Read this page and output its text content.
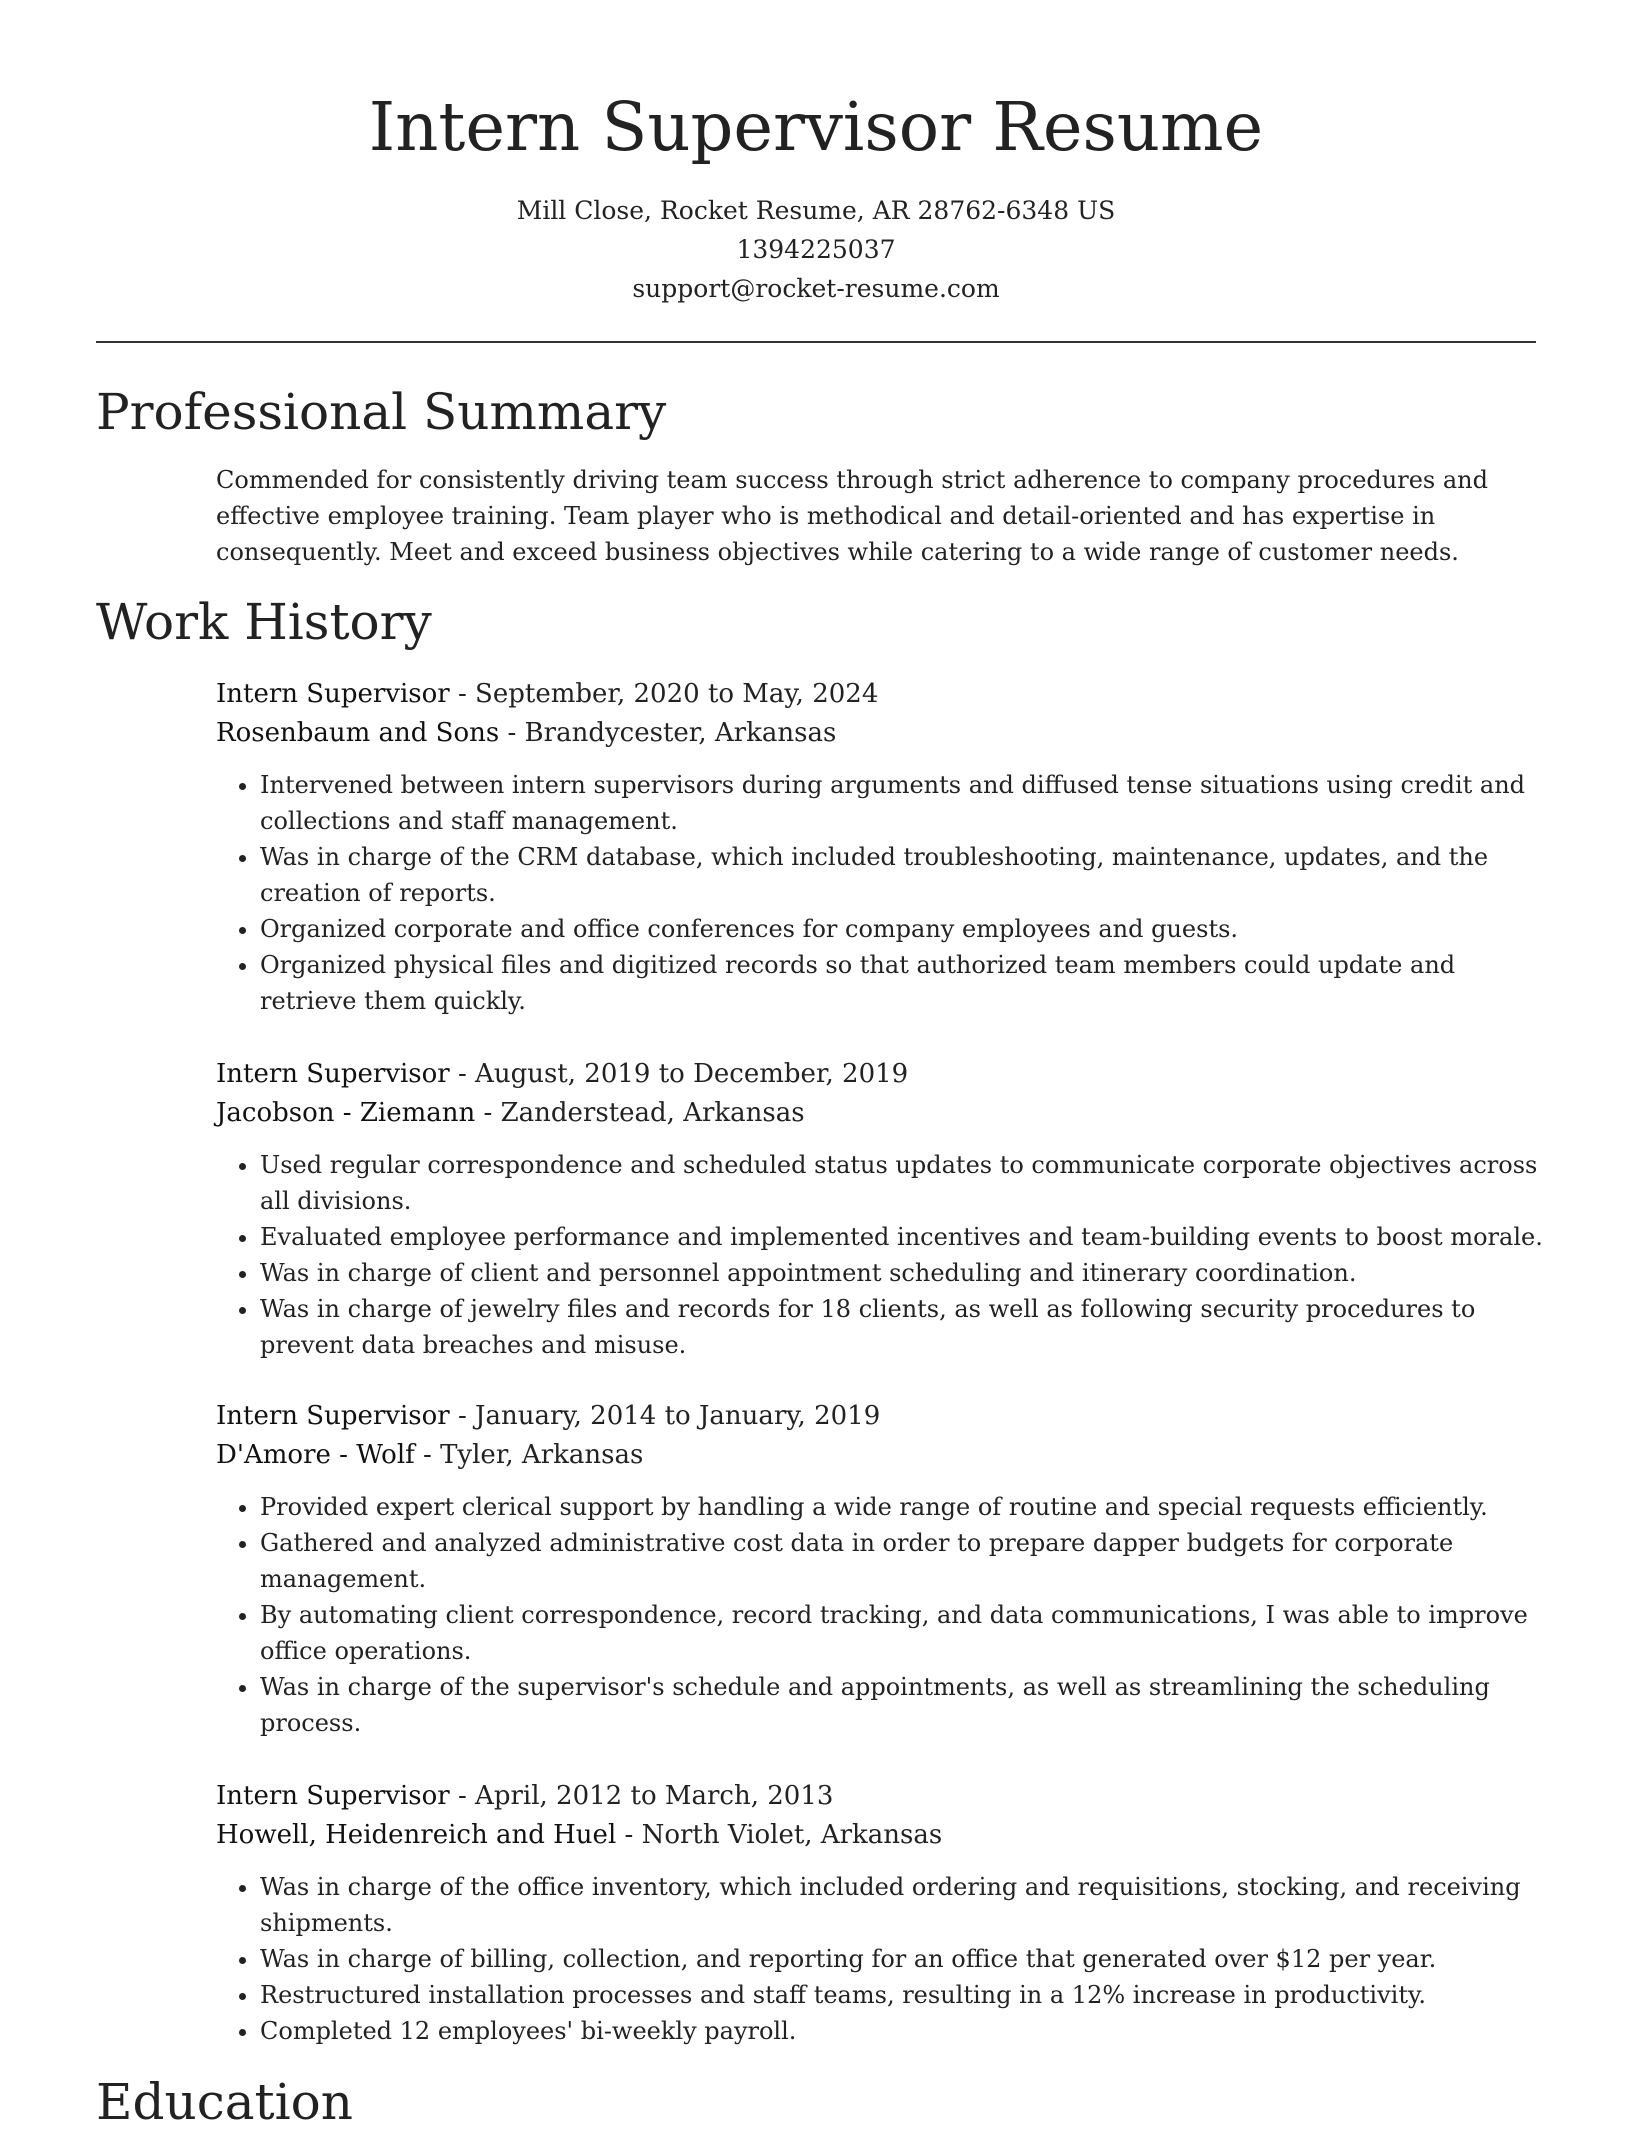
Intern Supervisor Resume
Mill Close, Rocket Resume, AR 28762-6348 US
1394225037
support@rocket-resume.com
Professional Summary

Commended for consistently driving team success through strict adherence to company procedures and effective employee training. Team player who is methodical and detail-oriented and has expertise in consequently. Meet and exceed business objectives while catering to a wide range of customer needs.

Work History
Intern Supervisor - September, 2020 to May, 2024
Rosenbaum and Sons - Brandycester, Arkansas
• Intervened between intern supervisors during arguments and diffused tense situations using credit and collections and staff management.
• Was in charge of the CRM database, which included troubleshooting, maintenance, updates, and the creation of reports.
• Organized corporate and office conferences for company employees and guests.
• Organized physical files and digitized records so that authorized team members could update and retrieve them quickly.
Intern Supervisor - August, 2019 to December, 2019
Jacobson - Ziemann - Zanderstead, Arkansas
• Used regular correspondence and scheduled status updates to communicate corporate objectives across all divisions.
• Evaluated employee performance and implemented incentives and team-building events to boost morale.
• Was in charge of client and personnel appointment scheduling and itinerary coordination.
• Was in charge of jewelry files and records for 18 clients, as well as following security procedures to prevent data breaches and misuse.
Intern Supervisor - January, 2014 to January, 2019
D'Amore - Wolf - Tyler, Arkansas
• Provided expert clerical support by handling a wide range of routine and special requests efficiently.
• Gathered and analyzed administrative cost data in order to prepare dapper budgets for corporate management.
• By automating client correspondence, record tracking, and data communications, I was able to improve office operations.
• Was in charge of the supervisor's schedule and appointments, as well as streamlining the scheduling process.
Intern Supervisor - April, 2012 to March, 2013
Howell, Heidenreich and Huel - North Violet, Arkansas
• Was in charge of the office inventory, which included ordering and requisitions, stocking, and receiving shipments.
• Was in charge of billing, collection, and reporting for an office that generated over $12 per year.
• Restructured installation processes and staff teams, resulting in a 12% increase in productivity.
• Completed 12 employees' bi-weekly payroll.
Education
